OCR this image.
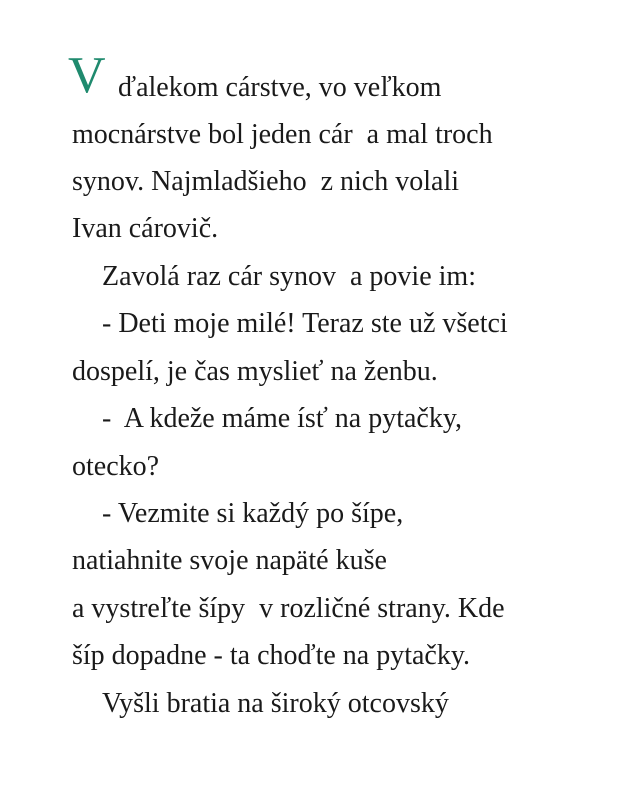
V ďalekom cárstve, vo veľkom
mocnárstve bol jeden cár  a mal troch
synov. Najmladšieho  z nich volali
Ivan cárovič.
Zavolá raz cár synov  a povie im:
- Deti moje milé! Teraz ste už všetci
dospelí, je čas myslieť na ženbu.
-  A kdeže máme ísť na pytačky,
otecko?
- Vezmite si každý po šípe,
natiahnite svoje napäté kuše
a vystreľte šípy  v rozličné strany. Kde
šíp dopadne - ta choďte na pytačky.
Vyšli bratia na široký otcovský
